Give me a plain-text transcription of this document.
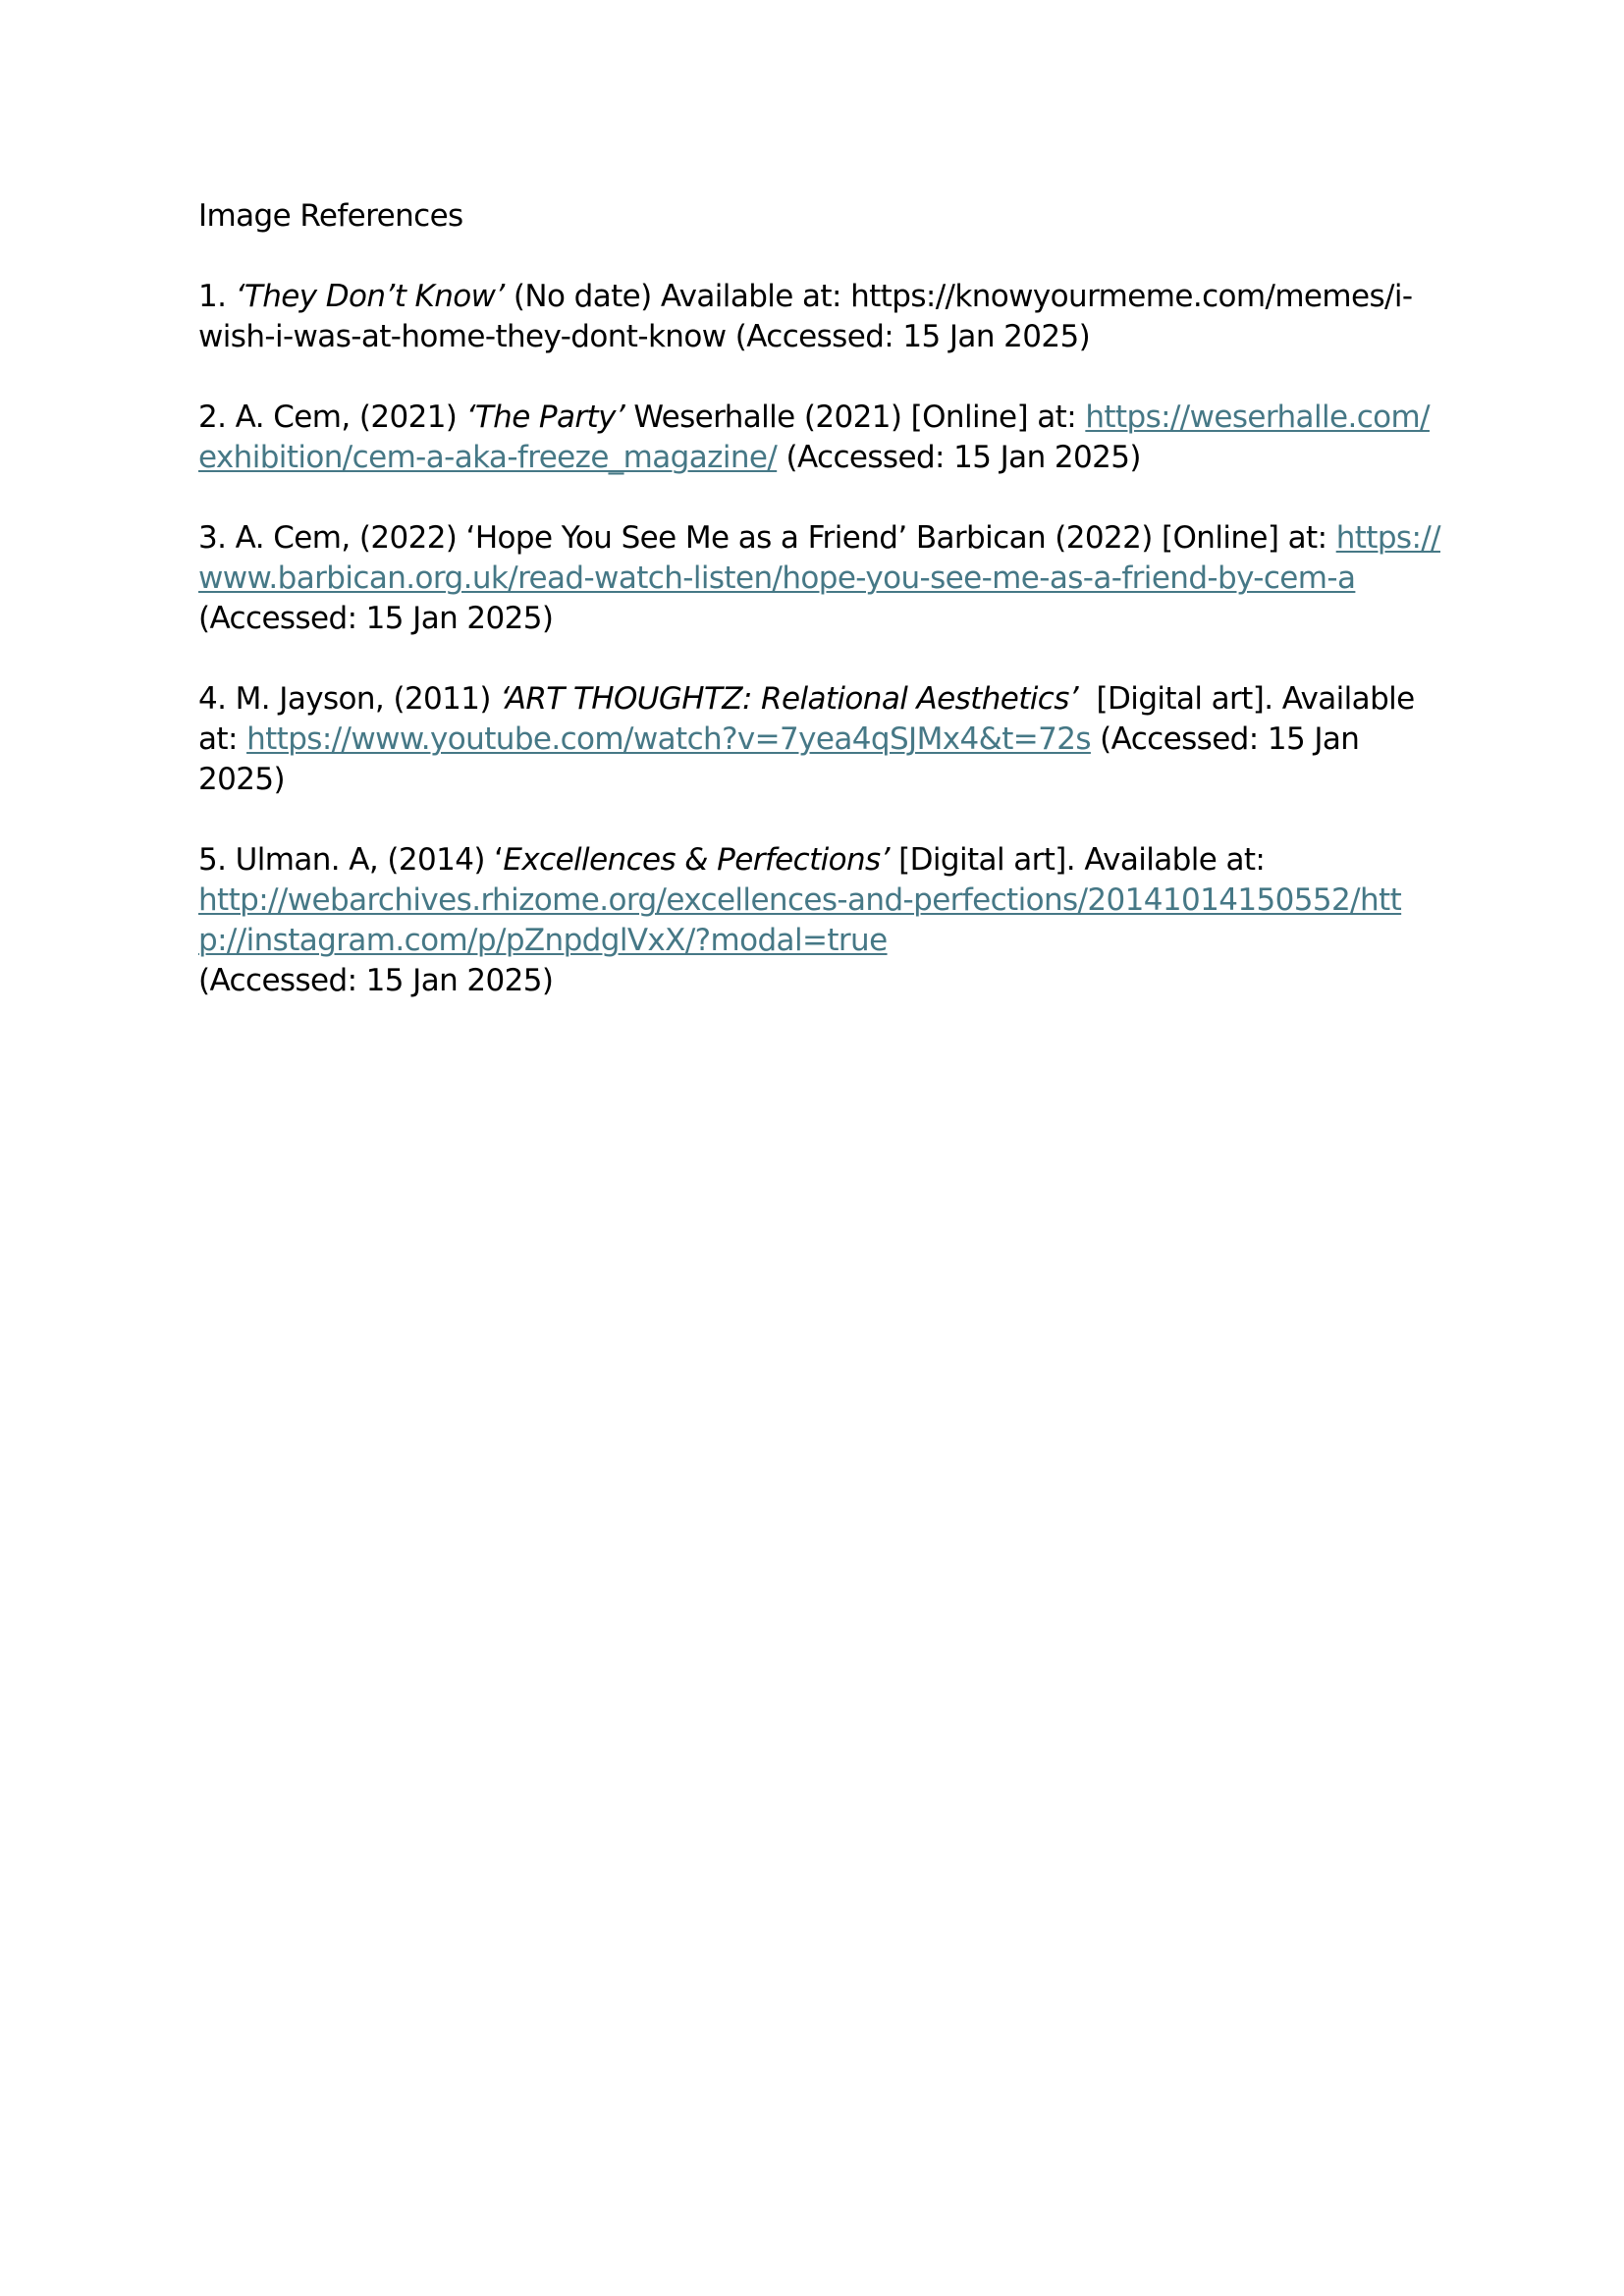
Image References

1. ‘They Don’t Know’ (No date) Available at: https://knowyourmeme.com/memes/i-wish-i-was-at-home-they-dont-know (Accessed: 15 Jan 2025)

2. A. Cem, (2021) ‘The Party’ Weserhalle (2021) [Online] at: https://weserhalle.com/exhibition/cem-a-aka-freeze_magazine/ (Accessed: 15 Jan 2025)

3. A. Cem, (2022) ‘Hope You See Me as a Friend’ Barbican (2022) [Online] at: https://www.barbican.org.uk/read-watch-listen/hope-you-see-me-as-a-friend-by-cem-a (Accessed: 15 Jan 2025)

4. M. Jayson, (2011) ‘ART THOUGHTZ: Relational Aesthetics’  [Digital art]. Available at: https://www.youtube.com/watch?v=7yea4qSJMx4&t=72s (Accessed: 15 Jan 2025)

5. Ulman. A, (2014) ‘Excellences & Perfections’ [Digital art]. Available at:
http://webarchives.rhizome.org/excellences-and-perfections/20141014150552/http://instagram.com/p/pZnpdglVxX/?modal=true
(Accessed: 15 Jan 2025)
